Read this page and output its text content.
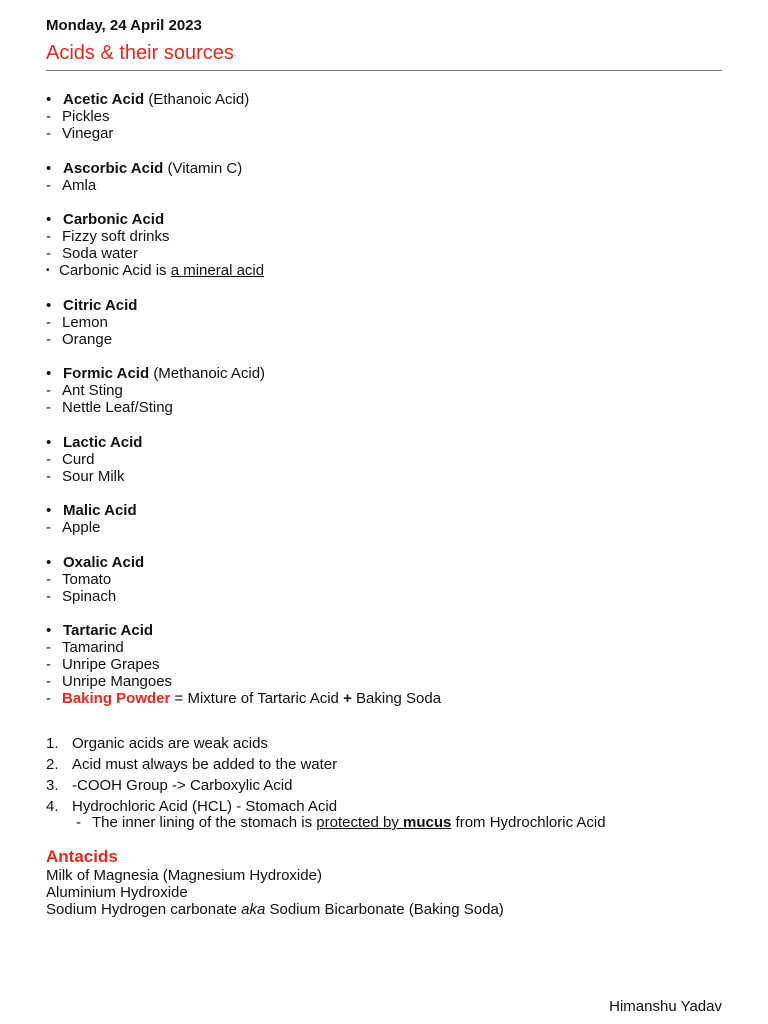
Monday, 24 April 2023
Acids & their sources
• Acetic Acid (Ethanoic Acid)
- Pickles
- Vinegar
• Ascorbic Acid (Vitamin C)
- Amla
• Carbonic Acid
- Fizzy soft drinks
- Soda water
• Carbonic Acid is a mineral acid
• Citric Acid
- Lemon
- Orange
• Formic Acid (Methanoic Acid)
- Ant Sting
- Nettle Leaf/Sting
• Lactic Acid
- Curd
- Sour Milk
• Malic Acid
- Apple
• Oxalic Acid
- Tomato
- Spinach
• Tartaric Acid
- Tamarind
- Unripe Grapes
- Unripe Mangoes
- Baking Powder = Mixture of Tartaric Acid + Baking Soda
1. Organic acids are weak acids
2. Acid must always be added to the water
3. -COOH Group -> Carboxylic Acid
4. Hydrochloric Acid (HCL) - Stomach Acid
- The inner lining of the stomach is protected by mucus from Hydrochloric Acid
Antacids
Milk of Magnesia (Magnesium Hydroxide)
Aluminium Hydroxide
Sodium Hydrogen carbonate aka Sodium Bicarbonate (Baking Soda)
Himanshu Yadav
